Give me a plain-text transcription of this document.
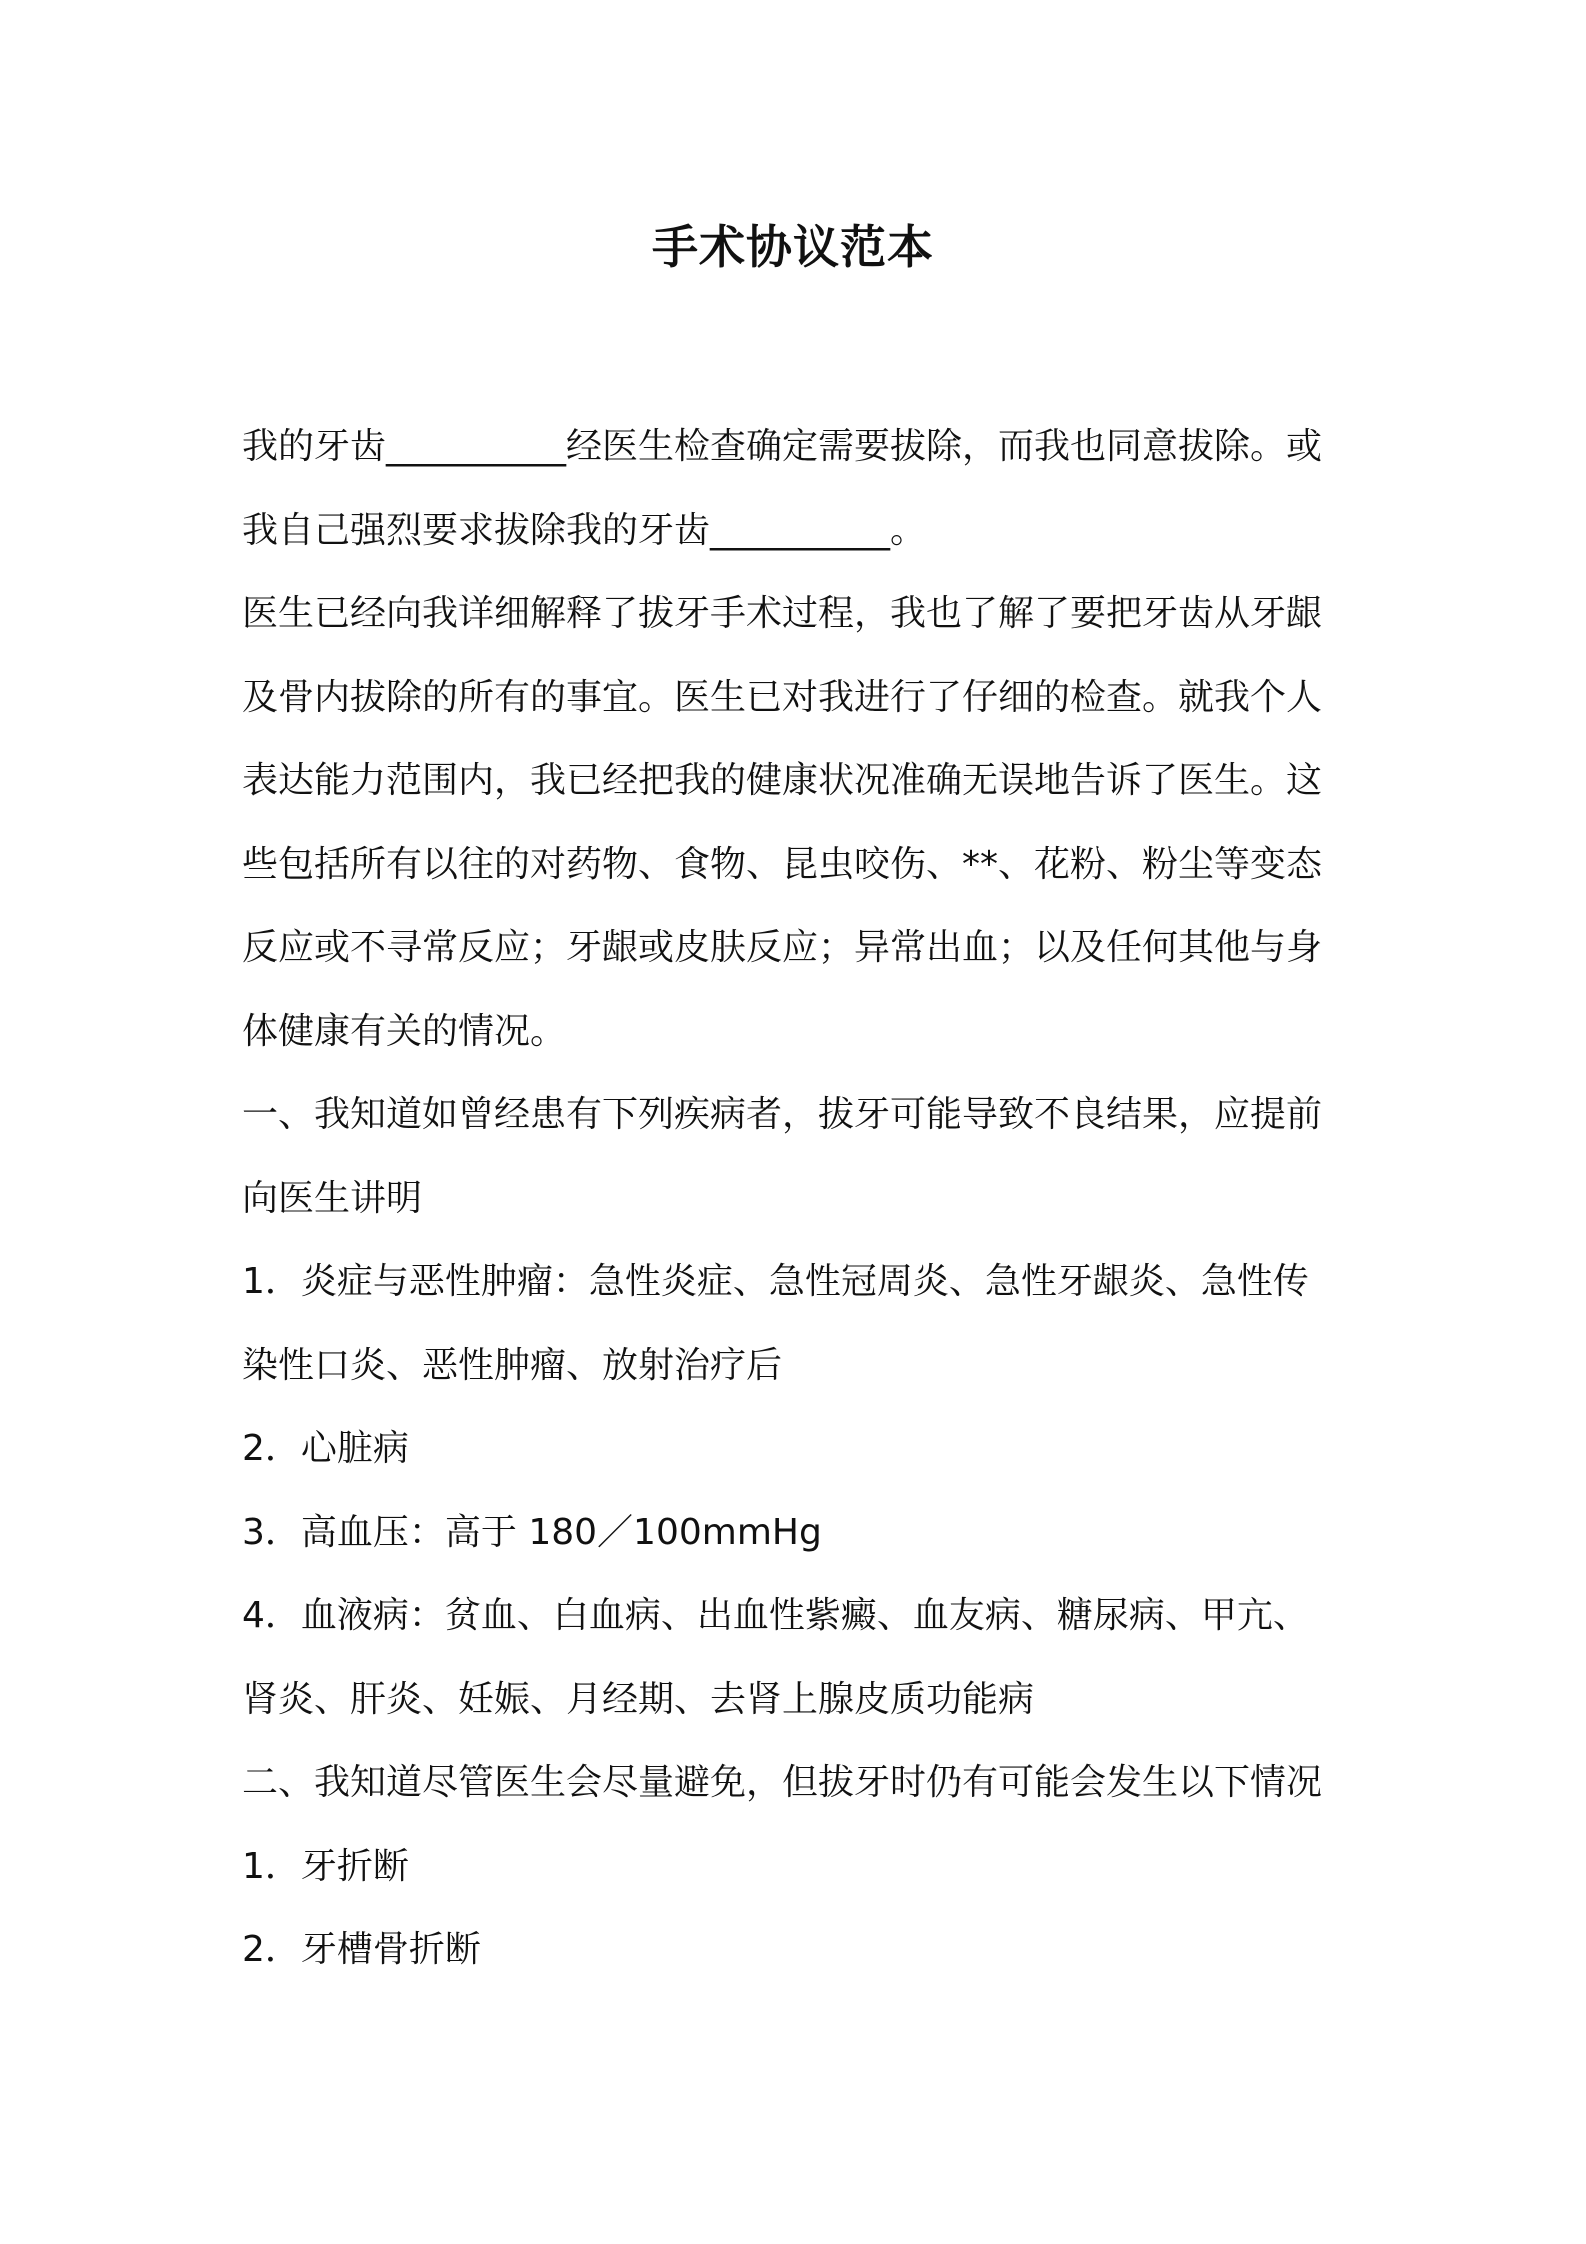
手术协议范本
我的牙齿__________经医生检查确定需要拔除，而我也同意拔除。或
我自己强烈要求拔除我的牙齿__________。
医生已经向我详细解释了拔牙手术过程，我也了解了要把牙齿从牙龈
及骨内拔除的所有的事宜。医生已对我进行了仔细的检查。就我个人
表达能力范围内，我已经把我的健康状况准确无误地告诉了医生。这
些包括所有以往的对药物、食物、昆虫咬伤、**、花粉、粉尘等变态
反应或不寻常反应；牙龈或皮肤反应；异常出血；以及任何其他与身
体健康有关的情况。
一、我知道如曾经患有下列疾病者，拔牙可能导致不良结果，应提前
向医生讲明
1．炎症与恶性肿瘤：急性炎症、急性冠周炎、急性牙龈炎、急性传
染性口炎、恶性肿瘤、放射治疗后
2．心脏病
3．高血压：高于 180／100mmHg
4．血液病：贫血、白血病、出血性紫癜、血友病、糖尿病、甲亢、
肾炎、肝炎、妊娠、月经期、去肾上腺皮质功能病
二、我知道尽管医生会尽量避免，但拔牙时仍有可能会发生以下情况
1．牙折断
2．牙槽骨折断
